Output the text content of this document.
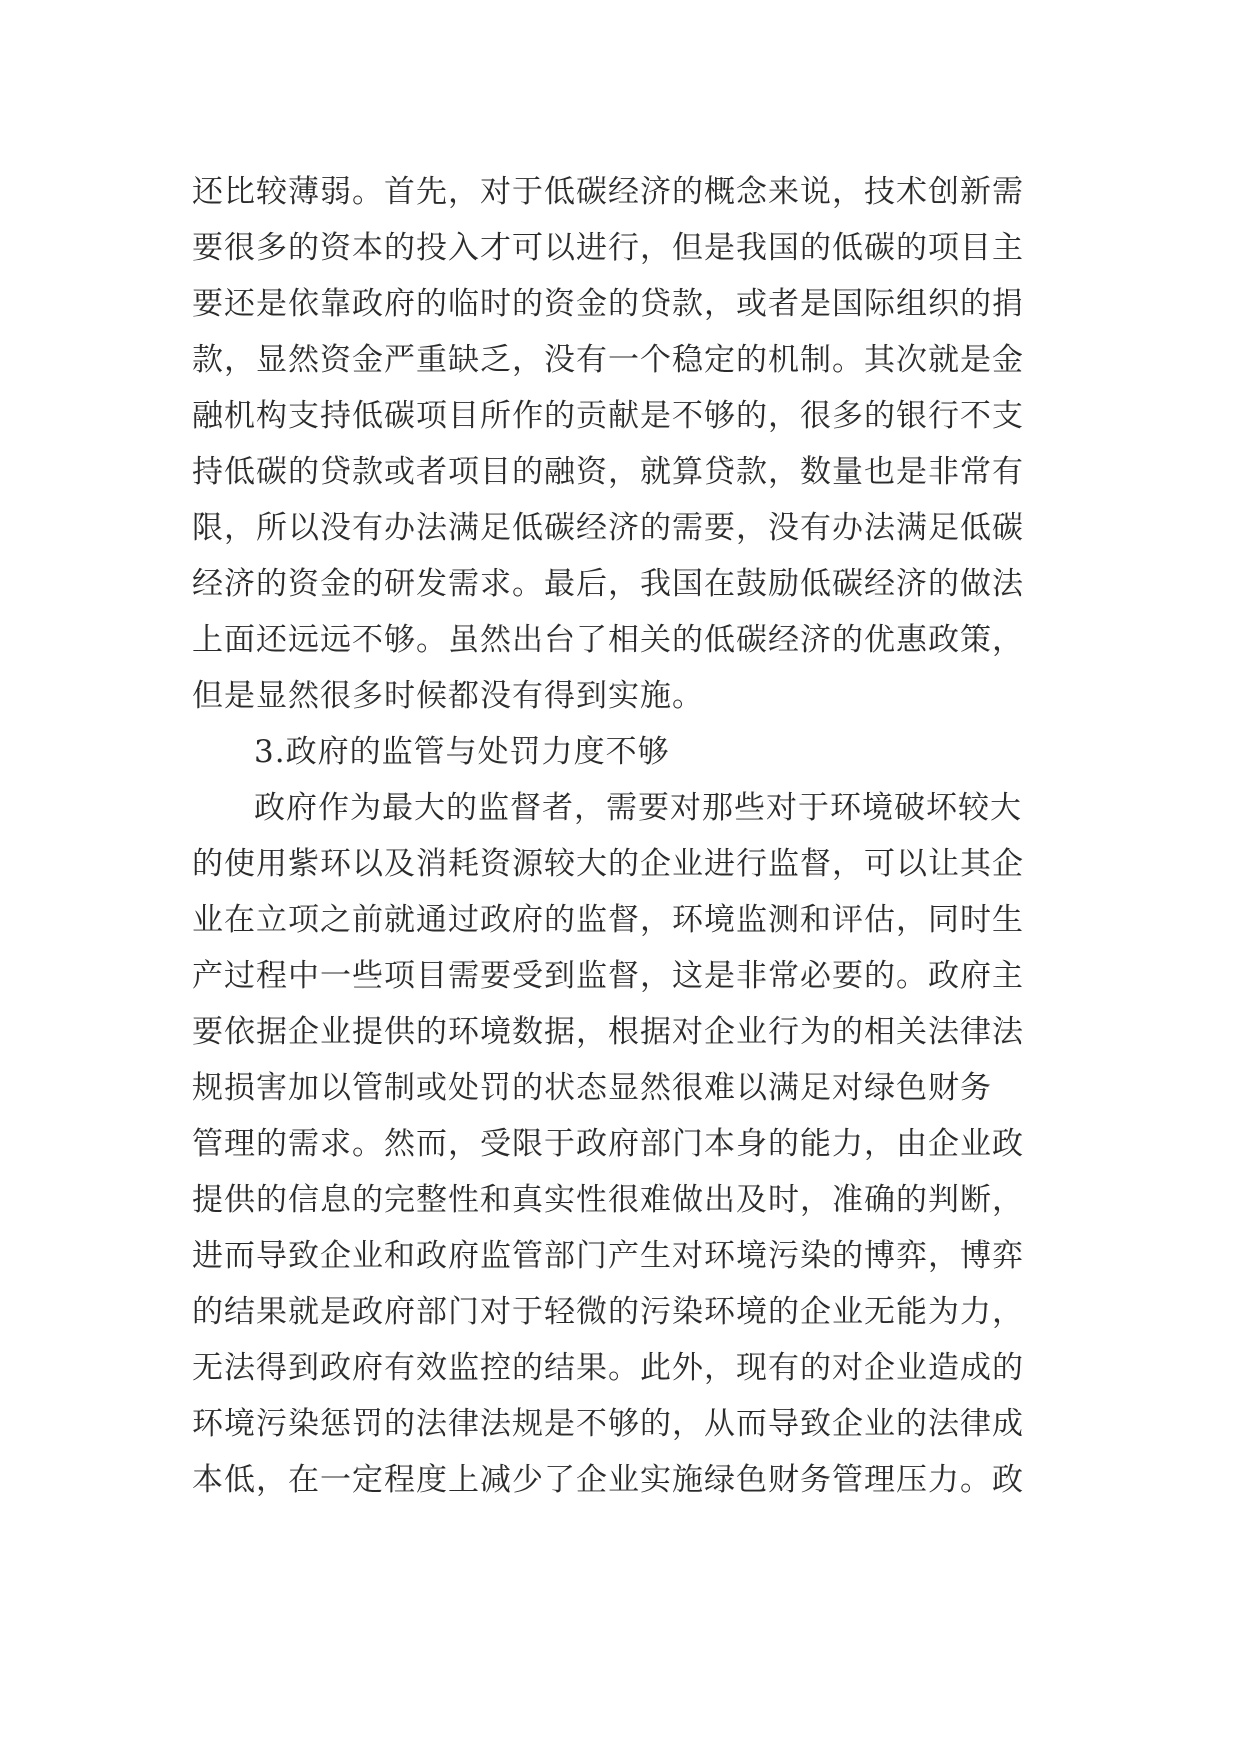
还比较薄弱。首先，对于低碳经济的概念来说，技术创新需
要很多的资本的投入才可以进行，但是我国的低碳的项目主
要还是依靠政府的临时的资金的贷款，或者是国际组织的捐
款，显然资金严重缺乏，没有一个稳定的机制。其次就是金
融机构支持低碳项目所作的贡献是不够的，很多的银行不支
持低碳的贷款或者项目的融资，就算贷款，数量也是非常有
限，所以没有办法满足低碳经济的需要，没有办法满足低碳
经济的资金的研发需求。最后，我国在鼓励低碳经济的做法
上面还远远不够。虽然出台了相关的低碳经济的优惠政策，
但是显然很多时候都没有得到实施。
3.政府的监管与处罚力度不够
政府作为最大的监督者，需要对那些对于环境破坏较大
的使用紫环以及消耗资源较大的企业进行监督，可以让其企
业在立项之前就通过政府的监督，环境监测和评估，同时生
产过程中一些项目需要受到监督，这是非常必要的。政府主
要依据企业提供的环境数据，根据对企业行为的相关法律法
规损害加以管制或处罚的状态显然很难以满足对绿色财务
管理的需求。然而，受限于政府部门本身的能力，由企业政
提供的信息的完整性和真实性很难做出及时，准确的判断，
进而导致企业和政府监管部门产生对环境污染的博弈，博弈
的结果就是政府部门对于轻微的污染环境的企业无能为力，
无法得到政府有效监控的结果。此外，现有的对企业造成的
环境污染惩罚的法律法规是不够的，从而导致企业的法律成
本低，在一定程度上减少了企业实施绿色财务管理压力。政
